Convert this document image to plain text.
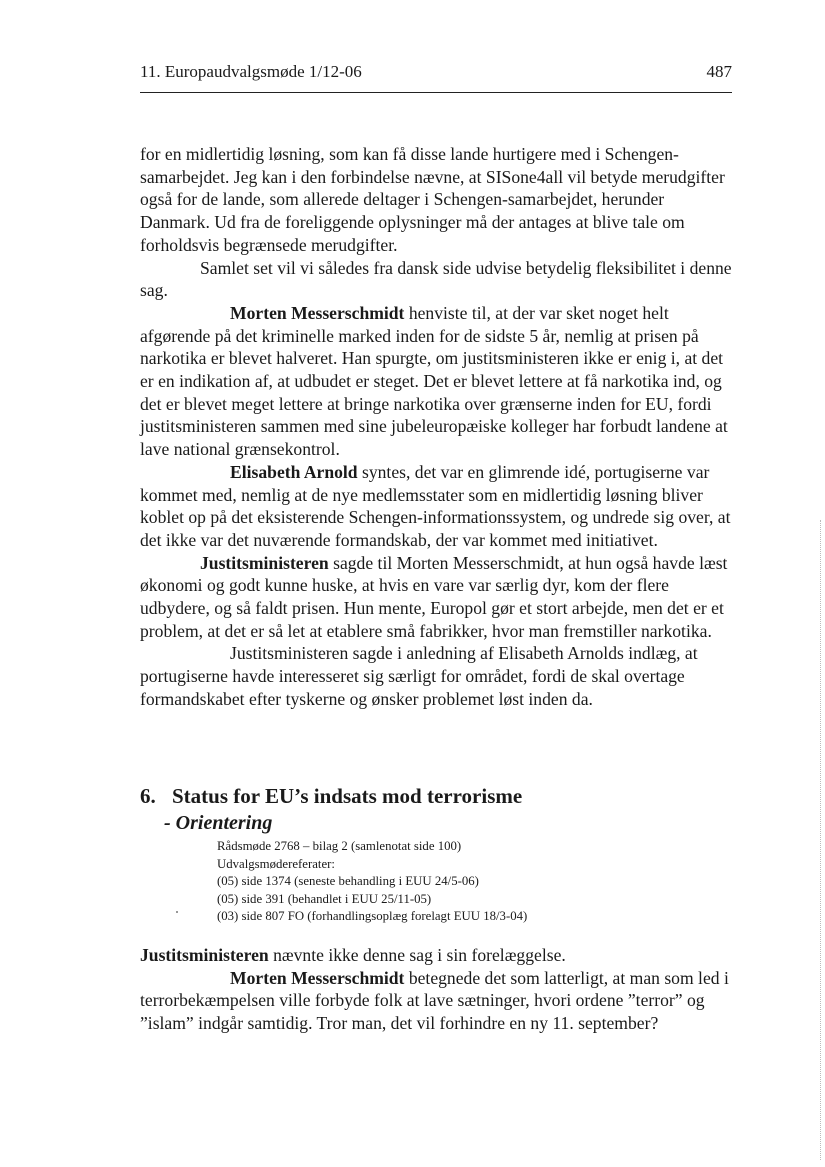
11. Europaudvalgsmøde 1/12-06	487

for en midlertidig løsning, som kan få disse lande hurtigere med i Schengen-samarbejdet. Jeg kan i den forbindelse nævne, at SISone4all vil betyde merudgifter også for de lande, som allerede deltager i Schengen-samarbejdet, herunder Danmark. Ud fra de foreliggende oplysninger må der antages at blive tale om forholdsvis begrænsede merudgifter.

Samlet set vil vi således fra dansk side udvise betydelig fleksibilitet i denne sag.

Morten Messerschmidt henviste til, at der var sket noget helt afgørende på det kriminelle marked inden for de sidste 5 år, nemlig at prisen på narkotika er blevet halveret. Han spurgte, om justitsministeren ikke er enig i, at det er en indikation af, at udbudet er steget. Det er blevet lettere at få narkotika ind, og det er blevet meget lettere at bringe narkotika over grænserne inden for EU, fordi justitsministeren sammen med sine jubeleuropæiske kolleger har forbudt landene at lave national grænsekontrol.

Elisabeth Arnold syntes, det var en glimrende idé, portugiserne var kommet med, nemlig at de nye medlemsstater som en midlertidig løsning bliver koblet op på det eksisterende Schengen-informationssystem, og undrede sig over, at det ikke var det nuværende formandskab, der var kommet med initiativet.

Justitsministeren sagde til Morten Messerschmidt, at hun også havde læst økonomi og godt kunne huske, at hvis en vare var særlig dyr, kom der flere udbydere, og så faldt prisen. Hun mente, Europol gør et stort arbejde, men det er et problem, at det er så let at etablere små fabrikker, hvor man fremstiller narkotika.

Justitsministeren sagde i anledning af Elisabeth Arnolds indlæg, at portugiserne havde interesseret sig særligt for området, fordi de skal overtage formandskabet efter tyskerne og ønsker problemet løst inden da.

6. Status for EU’s indsats mod terrorisme
- Orientering
Rådsmøde 2768 – bilag 2 (samlenotat side 100)
Udvalgsmødereferater:
(05) side 1374 (seneste behandling i EUU 24/5-06)
(05) side 391 (behandlet i EUU 25/11-05)
(03) side 807 FO (forhandlingsoplæg forelagt EUU 18/3-04)

Justitsministeren nævnte ikke denne sag i sin forelæggelse.

Morten Messerschmidt betegnede det som latterligt, at man som led i terrorbekæmpelsen ville forbyde folk at lave sætninger, hvori ordene ”terror” og ”islam” indgår samtidig. Tror man, det vil forhindre en ny 11. september?
